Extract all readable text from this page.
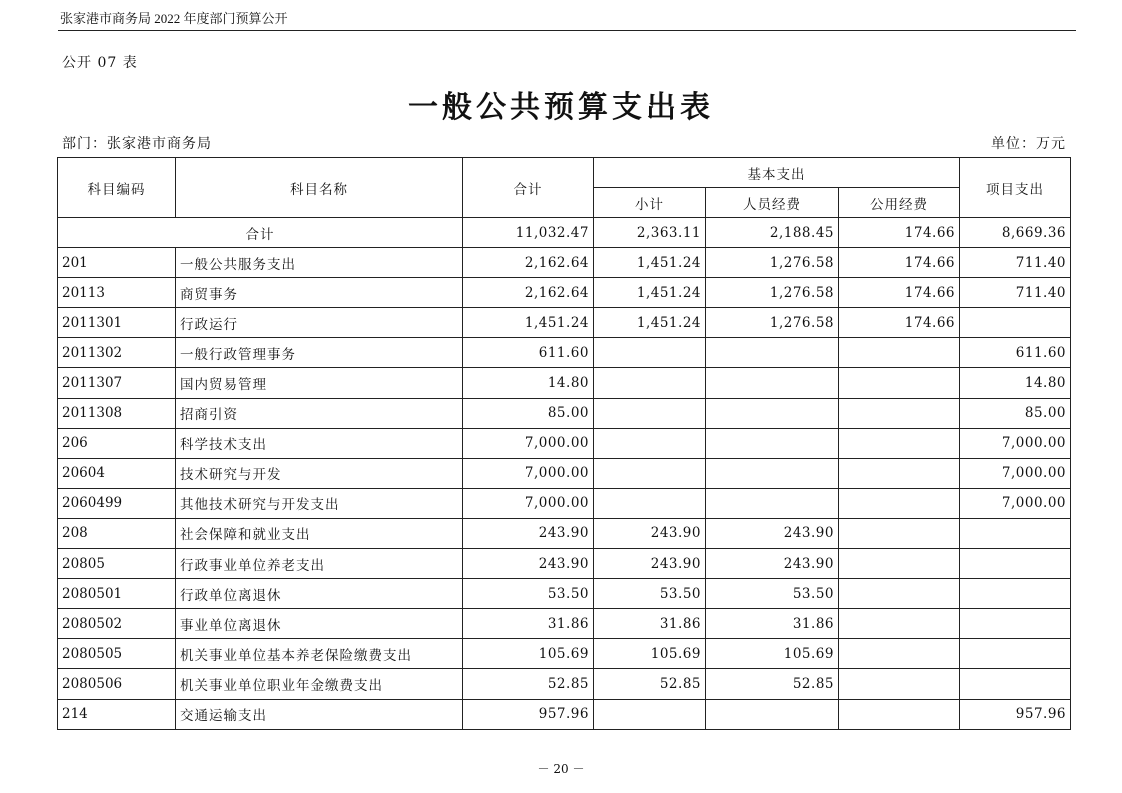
张家港市商务局 2022 年度部门预算公开
公开 07 表
一般公共预算支出表
部门：张家港市商务局	单位：万元
科目编码	科目名称	合计	基本支出			项目支出
			小计	人员经费	公用经费	
合计		11,032.47	2,363.11	2,188.45	174.66	8,669.36
201	一般公共服务支出	2,162.64	1,451.24	1,276.58	174.66	711.40
20113	商贸事务	2,162.64	1,451.24	1,276.58	174.66	711.40
2011301	行政运行	1,451.24	1,451.24	1,276.58	174.66	
2011302	一般行政管理事务	611.60				611.60
2011307	国内贸易管理	14.80				14.80
2011308	招商引资	85.00				85.00
206	科学技术支出	7,000.00				7,000.00
20604	技术研究与开发	7,000.00				7,000.00
2060499	其他技术研究与开发支出	7,000.00				7,000.00
208	社会保障和就业支出	243.90	243.90	243.90		
20805	行政事业单位养老支出	243.90	243.90	243.90		
2080501	行政单位离退休	53.50	53.50	53.50		
2080502	事业单位离退休	31.86	31.86	31.86		
2080505	机关事业单位基本养老保险缴费支出	105.69	105.69	105.69		
2080506	机关事业单位职业年金缴费支出	52.85	52.85	52.85		
214	交通运输支出	957.96				957.96
－ 20 －
